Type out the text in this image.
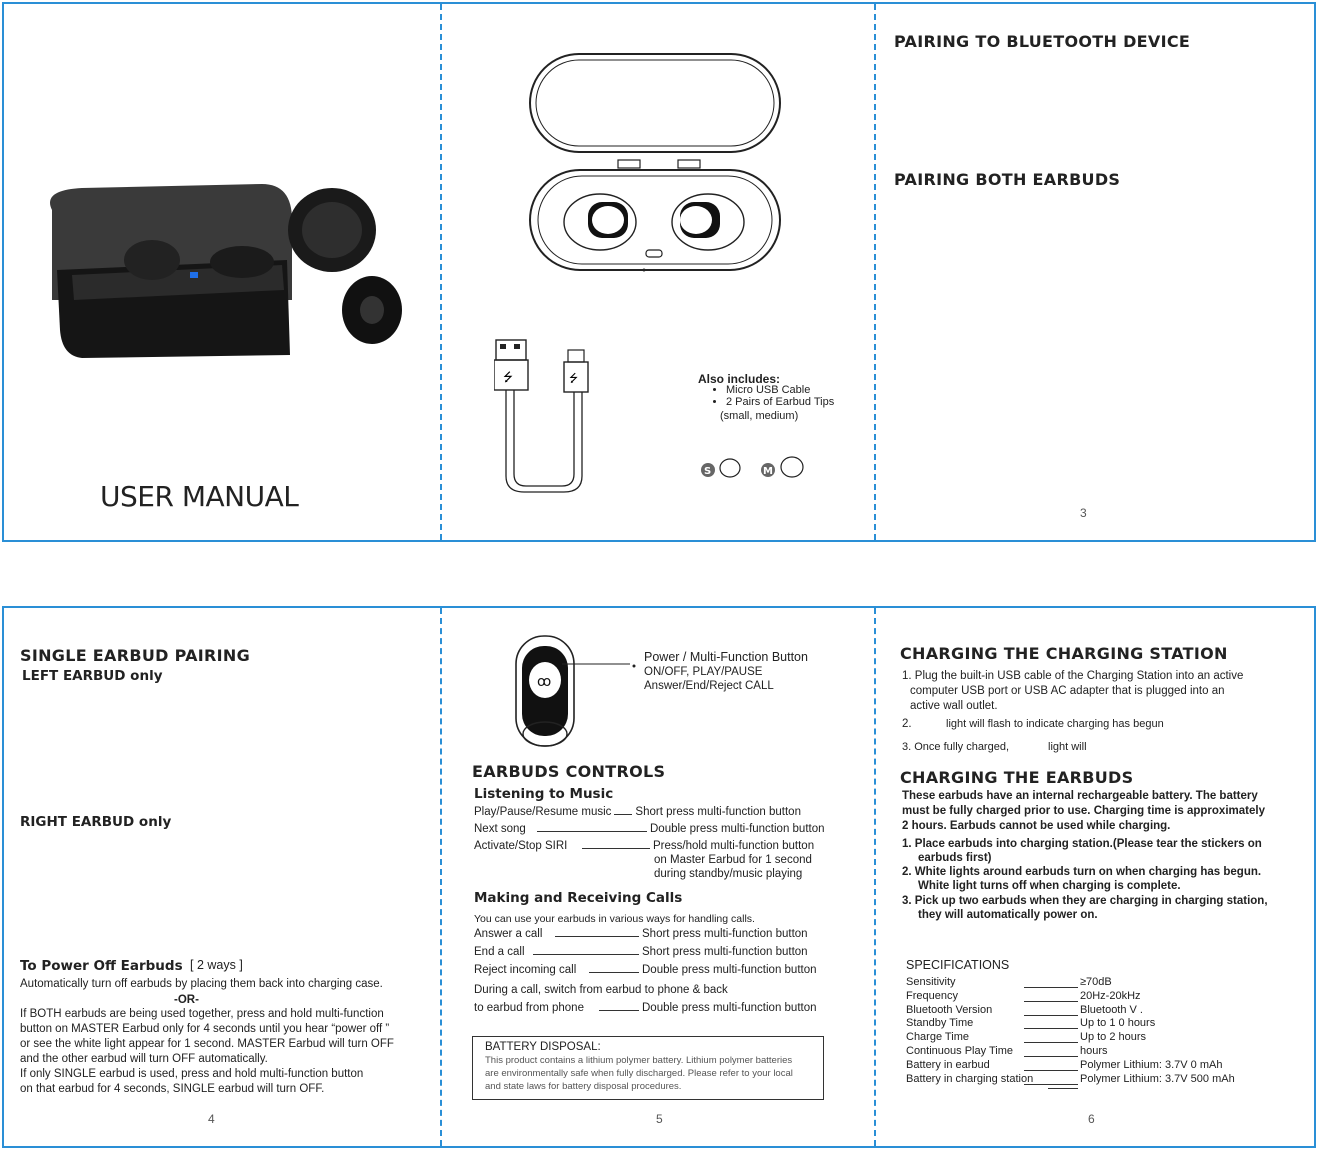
USER MANUAL
⭍	⭍	Also includes:
• Micro USB Cable
• 2 Pairs of Earbud Tips
(small, medium)
S	M
PAIRING TO BLUETOOTH DEVICE
PAIRING BOTH EARBUDS
3
SINGLE EARBUD PAIRING
LEFT EARBUD only
RIGHT EARBUD only
To Power Off Earbuds [ 2 ways ]
Automatically turn off earbuds by placing them back into charging case.
-OR-
If BOTH earbuds are being used together, press and hold multi-function
button on MASTER Earbud only for 4 seconds until you hear “power off ”
or see the white light appear for 1 second. MASTER Earbud will turn OFF
and the other earbud will turn OFF automatically.
If only SINGLE earbud is used, press and hold multi-function button
on that earbud for 4 seconds, SINGLE earbud will turn OFF.
4
ꝏ
Power / Multi-Function Button
ON/OFF, PLAY/PAUSE
Answer/End/Reject CALL
EARBUDS CONTROLS
Listening to Music
Play/Pause/Resume music Short press multi-function button
Next song	Double press multi-function button
Activate/Stop SIRI	Press/hold multi-function button
on Master Earbud for 1 second
during standby/music playing
Making and Receiving Calls
You can use your earbuds in various ways for handling calls.
Answer a call	Short press multi-function button
End a call	Short press multi-function button
Reject incoming call	Double press multi-function button
During a call, switch from earbud to phone & back
to earbud from phone	Double press multi-function button
BATTERY DISPOSAL:
This product contains a lithium polymer battery. Lithium polymer batteries
are environmentally safe when fully discharged. Please refer to your local
and state laws for battery disposal procedures.
5
CHARGING THE CHARGING STATION
1. Plug the built-in USB cable of the Charging Station into an active
computer USB port or USB AC adapter that is plugged into an
active wall outlet.
2.	light will flash to indicate charging has begun
3. Once fully charged,	light will
CHARGING THE EARBUDS
These earbuds have an internal rechargeable battery. The battery
must be fully charged prior to use. Charging time is approximately
2 hours. Earbuds cannot be used while charging.
1. Place earbuds into charging station.(Please tear the stickers on
earbuds first)
2. White lights around earbuds turn on when charging has begun.
White light turns off when charging is complete.
3. Pick up two earbuds when they are charging in charging station,
they will automatically power on.
SPECIFICATIONS
Sensitivity	≥70dB
Frequency	20Hz-20kHz
Bluetooth Version	Bluetooth V .
Standby Time	Up to 1 0 hours
Charge Time	Up to 2 hours
Continuous Play Time	hours
Battery in earbud	Polymer Lithium: 3.7V 0 mAh
Battery in charging station	Polymer Lithium: 3.7V 500 mAh
6
